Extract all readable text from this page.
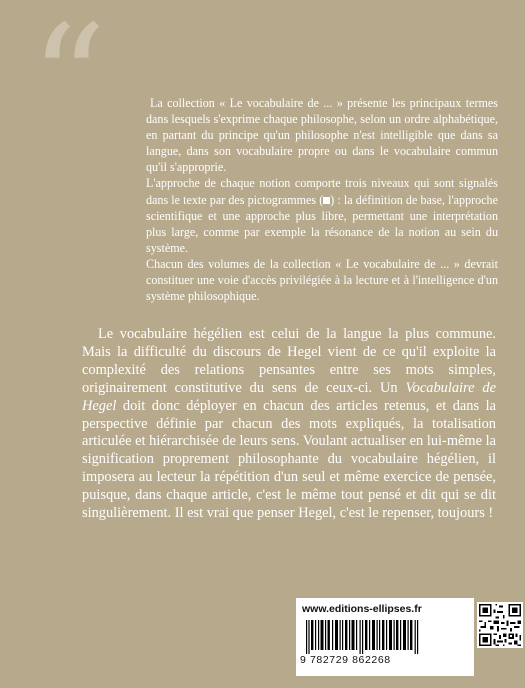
“	La collection « Le vocabulaire de ... » présente les principaux termes dans lesquels s'exprime chaque philosophe, selon un ordre alphabétique, en partant du principe qu'un philosophe n'est intelligible que dans sa langue, dans son vocabulaire propre ou dans le vocabulaire commun qu'il s'approprie.

L'approche de chaque notion comporte trois niveaux qui sont signalés dans le texte par des pictogrammes ( ) : la définition de base, l'approche scientifique et une approche plus libre, permettant une interprétation plus large, comme par exemple la résonance de la notion au sein du système.

Chacun des volumes de la collection « Le vocabulaire de ... » devrait constituer une voie d'accès privilégiée à la lecture et à l'intelligence d'un système philosophique.

Le vocabulaire hégélien est celui de la langue la plus commune. Mais la difficulté du discours de Hegel vient de ce qu'il exploite la complexité des relations pensantes entre ses mots simples, originairement constitutive du sens de ceux-ci. Un Vocabulaire de Hegel doit donc déployer en chacun des articles retenus, et dans la perspective définie par chacun des mots expliqués, la totalisation articulée et hiérarchisée de leurs sens. Voulant actualiser en lui-même la signification proprement philosophante du vocabulaire hégélien, il imposera au lecteur la répétition d'un seul et même exercice de pensée, puisque, dans chaque article, c'est le même tout pensé et dit qui se dit singulièrement. Il est vrai que penser Hegel, c'est le repenser, toujours !

www.editions-ellipses.fr
9 782729 862268
